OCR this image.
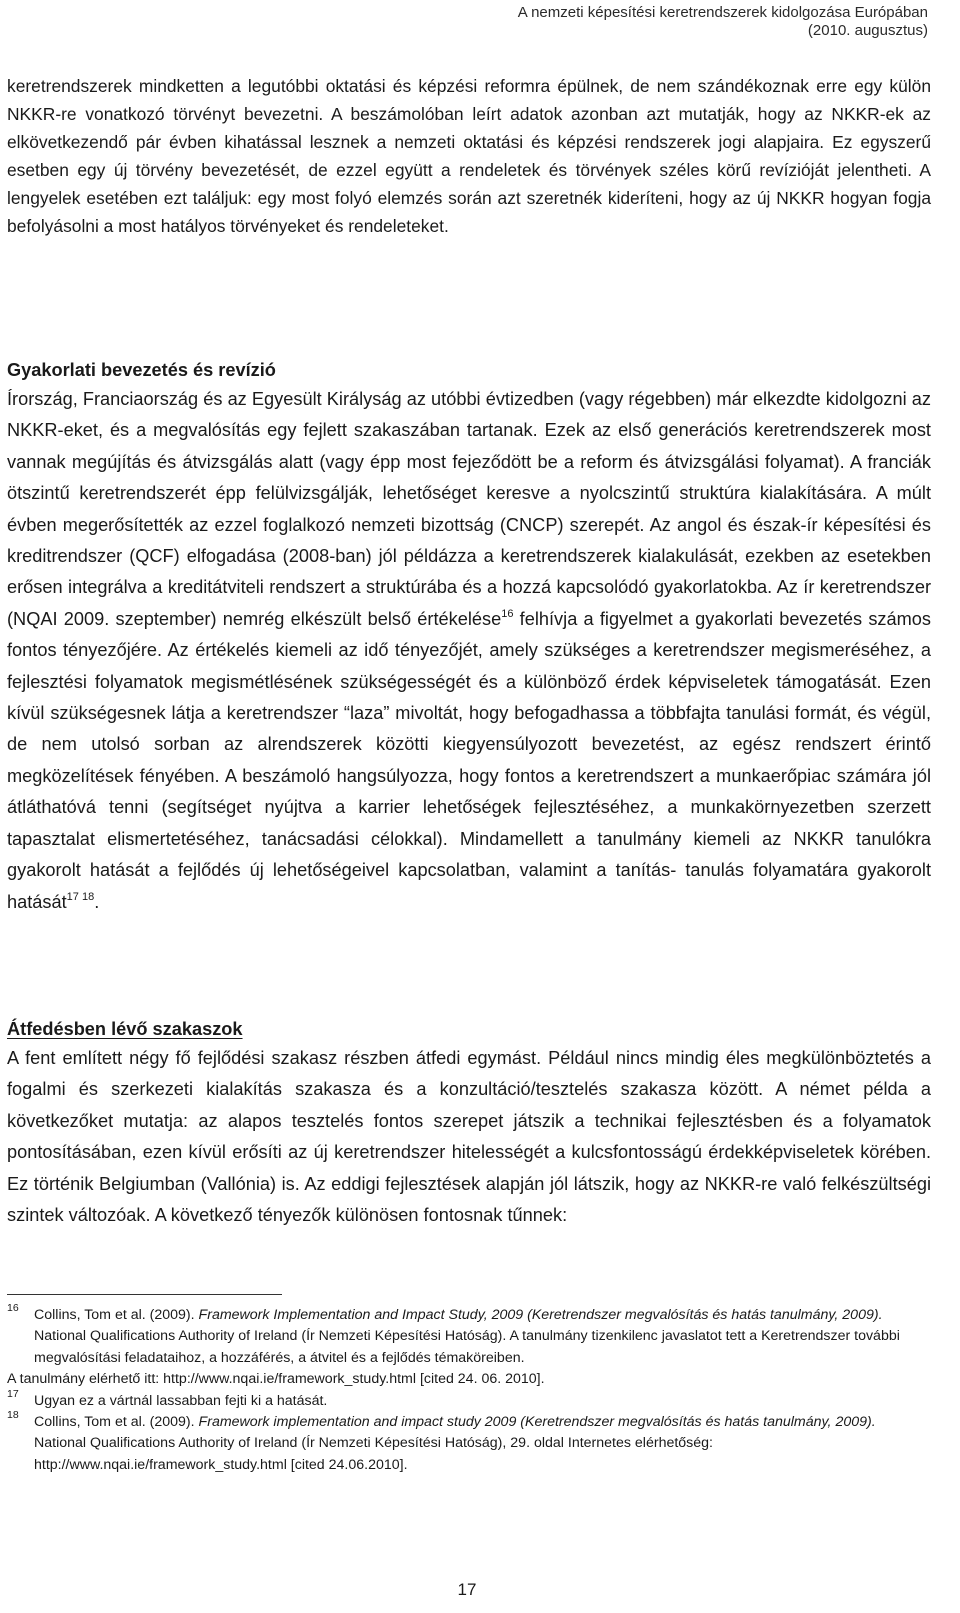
A nemzeti képesítési keretrendszerek kidolgozása Európában
(2010. augusztus)

keretrendszerek mindketten a legutóbbi oktatási és képzési reformra épülnek, de nem szándékoznak erre egy külön NKKR-re vonatkozó törvényt bevezetni. A beszámolóban leírt adatok azonban azt mutatják, hogy az NKKR-ek az elkövetkezendő pár évben kihatással lesznek a nemzeti oktatási és képzési rendszerek jogi alapjaira. Ez egyszerű esetben egy új törvény bevezetését, de ezzel együtt a rendeletek és törvények széles körű revízióját jelentheti. A lengyelek esetében ezt találjuk: egy most folyó elemzés során azt szeretnék kideríteni, hogy az új NKKR hogyan fogja befolyásolni a most hatályos törvényeket és rendeleteket.

Gyakorlati bevezetés és revízió

Írország, Franciaország és az Egyesült Királyság az utóbbi évtizedben (vagy régebben) már elkezdte kidolgozni az NKKR-eket, és a megvalósítás egy fejlett szakaszában tartanak. Ezek az első generációs keretrendszerek most vannak megújítás és átvizsgálás alatt (vagy épp most fejeződött be a reform és átvizsgálási folyamat). A franciák ötszintű keretrendszerét épp felülvizsgálják, lehetőséget keresve a nyolcszintű struktúra kialakítására. A múlt évben megerősítették az ezzel foglalkozó nemzeti bizottság (CNCP) szerepét. Az angol és észak-ír képesítési és kreditrendszer (QCF) elfogadása (2008-ban) jól példázza a keretrendszerek kialakulását, ezekben az esetekben erősen integrálva a kreditátviteli rendszert a struktúrába és a hozzá kapcsolódó gyakorlatokba. Az ír keretrendszer (NQAI 2009. szeptember) nemrég elkészült belső értékelése$^{16}$ felhívja a figyelmet a gyakorlati bevezetés számos fontos tényezőjére. Az értékelés kiemeli az idő tényezőjét, amely szükséges a keretrendszer megismeréséhez, a fejlesztési folyamatok megismétlésének szükségességét és a különböző érdek képviseletek támogatását. Ezen kívül szükségesnek látja a keretrendszer “laza” mivoltát, hogy befogadhassa a többfajta tanulási formát, és végül, de nem utolsó sorban az alrendszerek közötti kiegyensúlyozott bevezetést, az egész rendszert érintő megközelítések fényében. A beszámoló hangsúlyozza, hogy fontos a keretrendszert a munkaerőpiac számára jól átláthatóvá tenni (segítséget nyújtva a karrier lehetőségek fejlesztéséhez, a munkakörnyezetben szerzett tapasztalat elismertetéséhez, tanácsadási célokkal). Mindamellett a tanulmány kiemeli az NKKR tanulókra gyakorolt hatását a fejlődés új lehetőségeivel kapcsolatban, valamint a tanítás- tanulás folyamatára gyakorolt hatását$^{17 18}$.

Átfedésben lévő szakaszok

A fent említett négy fő fejlődési szakasz részben átfedi egymást. Például nincs mindig éles megkülönböztetés a fogalmi és szerkezeti kialakítás szakasza és a konzultáció/tesztelés szakasza között. A német példa a következőket mutatja: az alapos tesztelés fontos szerepet játszik a technikai fejlesztésben és a folyamatok pontosításában, ezen kívül erősíti az új keretrendszer hitelességét a kulcsfontosságú érdekképviseletek körében. Ez történik Belgiumban (Vallónia) is. Az eddigi fejlesztések alapján jól látszik, hogy az NKKR-re való felkészültségi szintek változóak. A következő tényezők különösen fontosnak tűnnek:

16 Collins, Tom et al. (2009). Framework Implementation and Impact Study, 2009 (Keretrendszer megvalósítás és hatás tanulmány, 2009). National Qualifications Authority of Ireland (Ír Nemzeti Képesítési Hatóság). A tanulmány tizenkilenc javaslatot tett a Keretrendszer további megvalósítási feladataihoz, a hozzáférés, a átvitel és a fejlődés témaköreiben.

A tanulmány elérhető itt: http://www.nqai.ie/framework_study.html [cited 24. 06. 2010].

17 Ugyan ez a vártnál lassabban fejti ki a hatását.

18 Collins, Tom et al. (2009). Framework implementation and impact study 2009 (Keretrendszer megvalósítás és hatás tanulmány, 2009). National Qualifications Authority of Ireland (Ír Nemzeti Képesítési Hatóság), 29. oldal Internetes elérhetőség: http://www.nqai.ie/framework_study.html [cited 24.06.2010].

17
